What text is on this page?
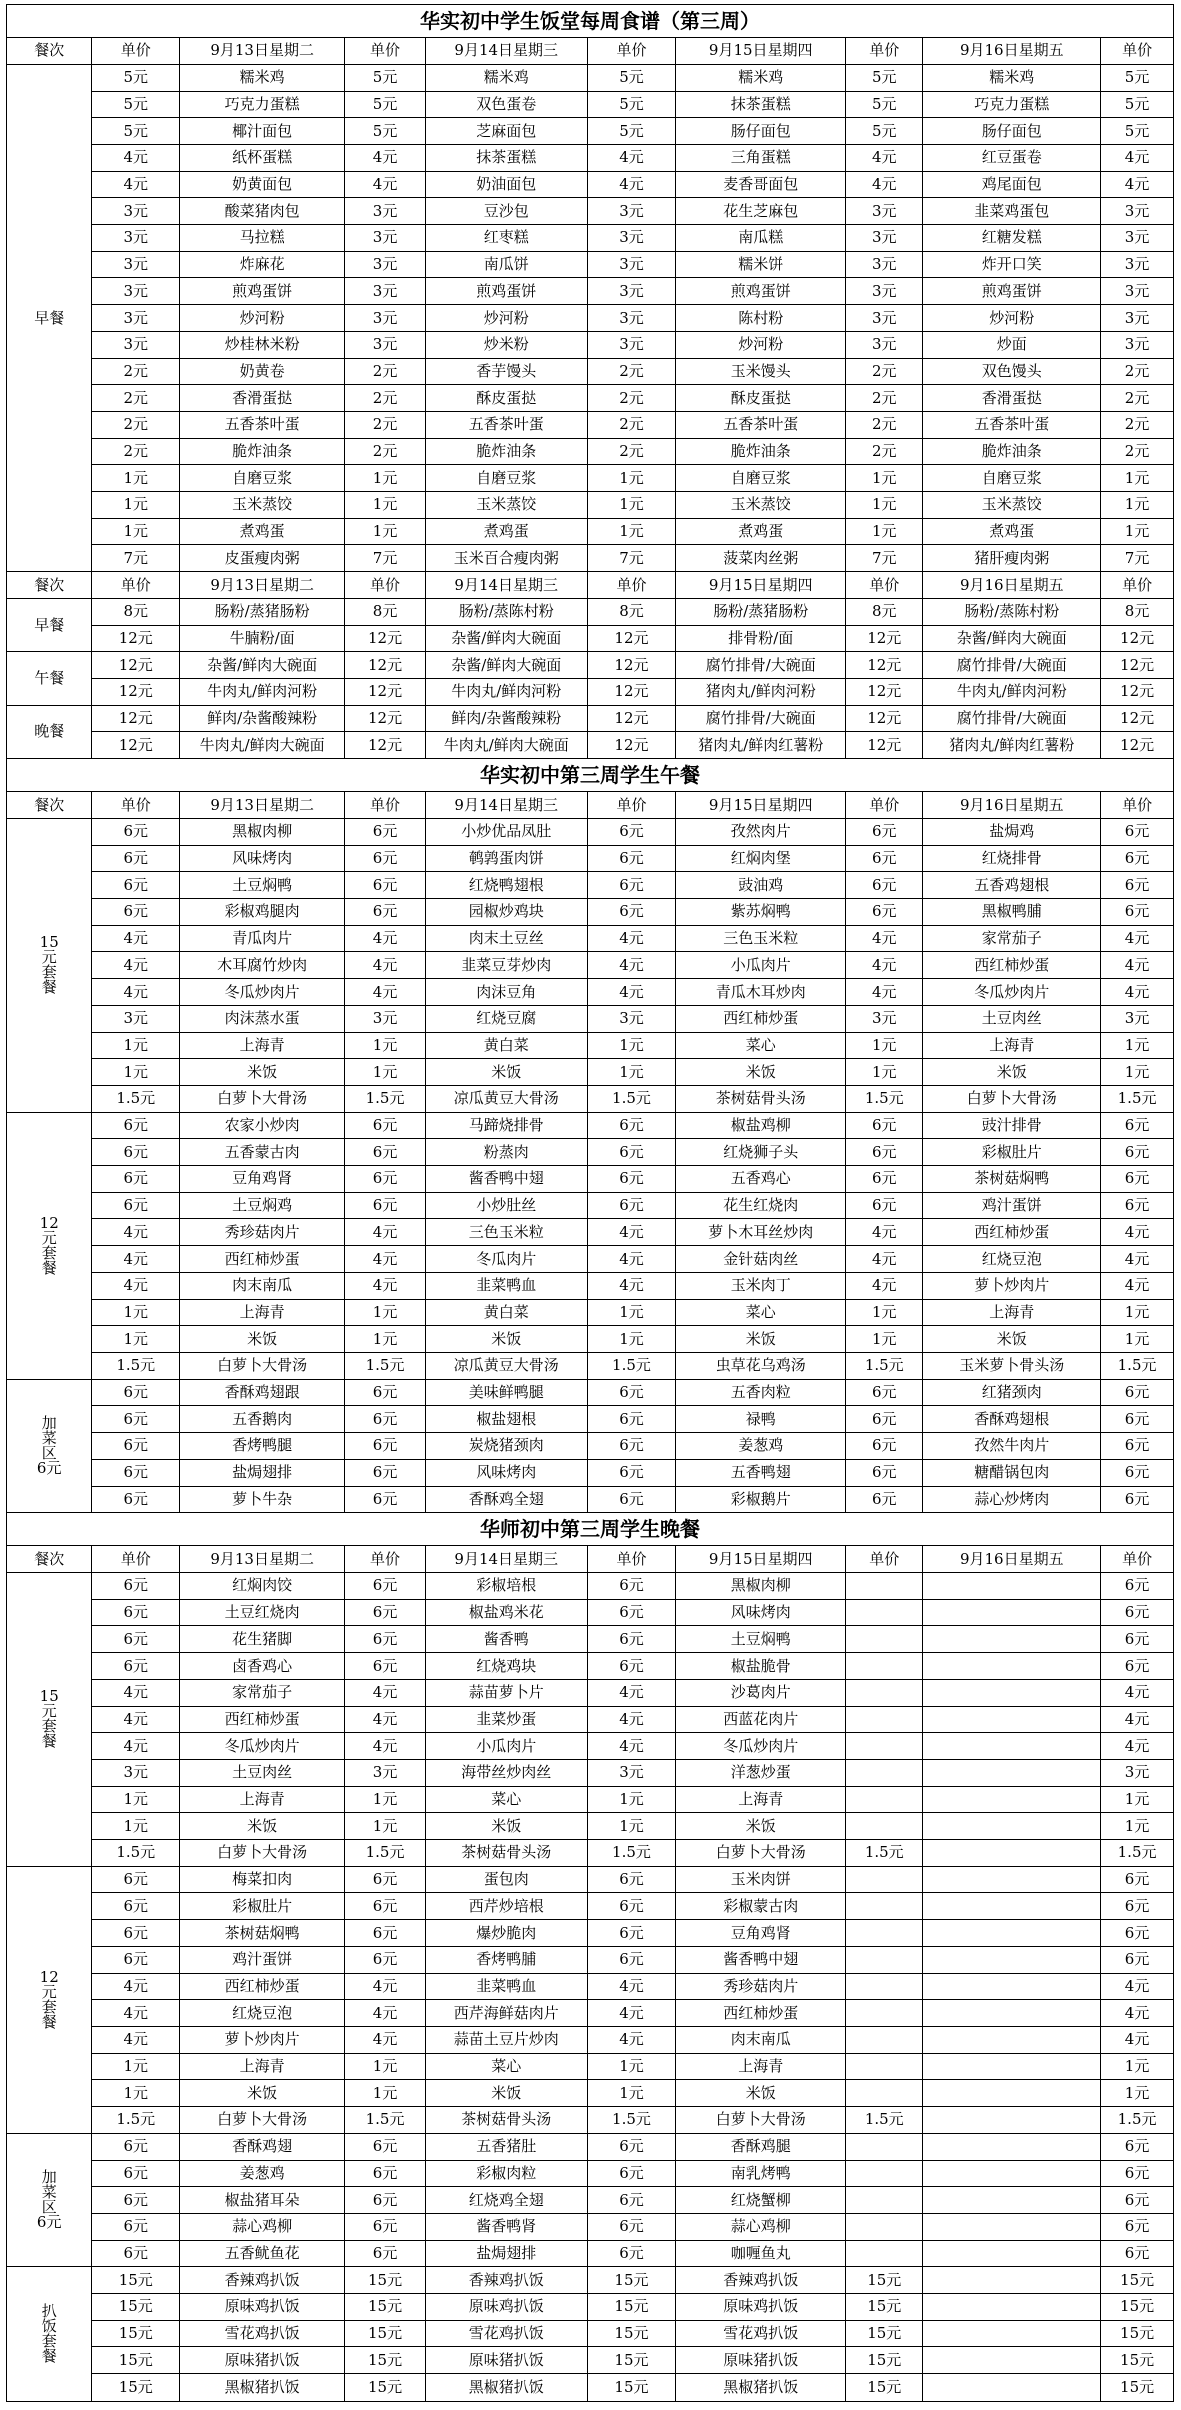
华实初中学生饭堂每周食谱（第三周）									
餐次	单价	9月13日星期二	单价	9月14日星期三	单价	9月15日星期四	单价	9月16日星期五	单价
早餐	5元	糯米鸡	5元	糯米鸡	5元	糯米鸡	5元	糯米鸡	5元
	5元	巧克力蛋糕	5元	双色蛋卷	5元	抹茶蛋糕	5元	巧克力蛋糕	5元
	5元	椰汁面包	5元	芝麻面包	5元	肠仔面包	5元	肠仔面包	5元
	4元	纸杯蛋糕	4元	抹茶蛋糕	4元	三角蛋糕	4元	红豆蛋卷	4元
	4元	奶黄面包	4元	奶油面包	4元	麦香哥面包	4元	鸡尾面包	4元
	3元	酸菜猪肉包	3元	豆沙包	3元	花生芝麻包	3元	韭菜鸡蛋包	3元
	3元	马拉糕	3元	红枣糕	3元	南瓜糕	3元	红糖发糕	3元
	3元	炸麻花	3元	南瓜饼	3元	糯米饼	3元	炸开口笑	3元
	3元	煎鸡蛋饼	3元	煎鸡蛋饼	3元	煎鸡蛋饼	3元	煎鸡蛋饼	3元
	3元	炒河粉	3元	炒河粉	3元	陈村粉	3元	炒河粉	3元
	3元	炒桂林米粉	3元	炒米粉	3元	炒河粉	3元	炒面	3元
	2元	奶黄卷	2元	香芋馒头	2元	玉米馒头	2元	双色馒头	2元
	2元	香滑蛋挞	2元	酥皮蛋挞	2元	酥皮蛋挞	2元	香滑蛋挞	2元
	2元	五香茶叶蛋	2元	五香茶叶蛋	2元	五香茶叶蛋	2元	五香茶叶蛋	2元
	2元	脆炸油条	2元	脆炸油条	2元	脆炸油条	2元	脆炸油条	2元
	1元	自磨豆浆	1元	自磨豆浆	1元	自磨豆浆	1元	自磨豆浆	1元
	1元	玉米蒸饺	1元	玉米蒸饺	1元	玉米蒸饺	1元	玉米蒸饺	1元
	1元	煮鸡蛋	1元	煮鸡蛋	1元	煮鸡蛋	1元	煮鸡蛋	1元
	7元	皮蛋瘦肉粥	7元	玉米百合瘦肉粥	7元	菠菜肉丝粥	7元	猪肝瘦肉粥	7元
餐次	单价	9月13日星期二	单价	9月14日星期三	单价	9月15日星期四	单价	9月16日星期五	单价
早餐	8元	肠粉/蒸猪肠粉	8元	肠粉/蒸陈村粉	8元	肠粉/蒸猪肠粉	8元	肠粉/蒸陈村粉	8元
	12元	牛腩粉/面	12元	杂酱/鲜肉大碗面	12元	排骨粉/面	12元	杂酱/鲜肉大碗面	12元
午餐	12元	杂酱/鲜肉大碗面	12元	杂酱/鲜肉大碗面	12元	腐竹排骨/大碗面	12元	腐竹排骨/大碗面	12元
	12元	牛肉丸/鲜肉河粉	12元	牛肉丸/鲜肉河粉	12元	猪肉丸/鲜肉河粉	12元	牛肉丸/鲜肉河粉	12元
晚餐	12元	鲜肉/杂酱酸辣粉	12元	鲜肉/杂酱酸辣粉	12元	腐竹排骨/大碗面	12元	腐竹排骨/大碗面	12元
	12元	牛肉丸/鲜肉大碗面	12元	牛肉丸/鲜肉大碗面	12元	猪肉丸/鲜肉红薯粉	12元	猪肉丸/鲜肉红薯粉	12元
华实初中第三周学生午餐									
餐次	单价	9月13日星期二	单价	9月14日星期三	单价	9月15日星期四	单价	9月16日星期五	单价

15
元
套
餐	6元	黑椒肉柳	6元	小炒优品凤肚	6元	孜然肉片	6元	盐焗鸡	6元
	6元	风味烤肉	6元	鹌鹑蛋肉饼	6元	红焖肉堡	6元	红烧排骨	6元
	6元	土豆焖鸭	6元	红烧鸭翅根	6元	豉油鸡	6元	五香鸡翅根	6元
	6元	彩椒鸡腿肉	6元	园椒炒鸡块	6元	紫苏焖鸭	6元	黑椒鸭脯	6元
	4元	青瓜肉片	4元	肉末土豆丝	4元	三色玉米粒	4元	家常茄子	4元
	4元	木耳腐竹炒肉	4元	韭菜豆芽炒肉	4元	小瓜肉片	4元	西红柿炒蛋	4元
	4元	冬瓜炒肉片	4元	肉沫豆角	4元	青瓜木耳炒肉	4元	冬瓜炒肉片	4元
	3元	肉沫蒸水蛋	3元	红烧豆腐	3元	西红柿炒蛋	3元	土豆肉丝	3元
	1元	上海青	1元	黄白菜	1元	菜心	1元	上海青	1元
	1元	米饭	1元	米饭	1元	米饭	1元	米饭	1元
	1.5元	白萝卜大骨汤	1.5元	凉瓜黄豆大骨汤	1.5元	茶树菇骨头汤	1.5元	白萝卜大骨汤	1.5元

12
元
套
餐	6元	农家小炒肉	6元	马蹄烧排骨	6元	椒盐鸡柳	6元	豉汁排骨	6元
	6元	五香蒙古肉	6元	粉蒸肉	6元	红烧狮子头	6元	彩椒肚片	6元
	6元	豆角鸡肾	6元	酱香鸭中翅	6元	五香鸡心	6元	茶树菇焖鸭	6元
	6元	土豆焖鸡	6元	小炒肚丝	6元	花生红烧肉	6元	鸡汁蛋饼	6元
	4元	秀珍菇肉片	4元	三色玉米粒	4元	萝卜木耳丝炒肉	4元	西红柿炒蛋	4元
	4元	西红柿炒蛋	4元	冬瓜肉片	4元	金针菇肉丝	4元	红烧豆泡	4元
	4元	肉末南瓜	4元	韭菜鸭血	4元	玉米肉丁	4元	萝卜炒肉片	4元
	1元	上海青	1元	黄白菜	1元	菜心	1元	上海青	1元
	1元	米饭	1元	米饭	1元	米饭	1元	米饭	1元
	1.5元	白萝卜大骨汤	1.5元	凉瓜黄豆大骨汤	1.5元	虫草花乌鸡汤	1.5元	玉米萝卜骨头汤	1.5元

加
菜
区
6元	6元	香酥鸡翅跟	6元	美味鲜鸭腿	6元	五香肉粒	6元	红猪颈肉	6元
	6元	五香鹅肉	6元	椒盐翅根	6元	禄鸭	6元	香酥鸡翅根	6元
	6元	香烤鸭腿	6元	炭烧猪颈肉	6元	姜葱鸡	6元	孜然牛肉片	6元
	6元	盐焗翅排	6元	风味烤肉	6元	五香鸭翅	6元	糖醋锅包肉	6元
	6元	萝卜牛杂	6元	香酥鸡全翅	6元	彩椒鹅片	6元	蒜心炒烤肉	6元
华师初中第三周学生晚餐									
餐次	单价	9月13日星期二	单价	9月14日星期三	单价	9月15日星期四	单价	9月16日星期五	单价

15
元
套
餐	6元	红焖肉饺	6元	彩椒培根	6元	黑椒肉柳			6元
	6元	土豆红烧肉	6元	椒盐鸡米花	6元	风味烤肉			6元
	6元	花生猪脚	6元	酱香鸭	6元	土豆焖鸭			6元
	6元	卤香鸡心	6元	红烧鸡块	6元	椒盐脆骨			6元
	4元	家常茄子	4元	蒜苗萝卜片	4元	沙葛肉片			4元
	4元	西红柿炒蛋	4元	韭菜炒蛋	4元	西蓝花肉片			4元
	4元	冬瓜炒肉片	4元	小瓜肉片	4元	冬瓜炒肉片			4元
	3元	土豆肉丝	3元	海带丝炒肉丝	3元	洋葱炒蛋			3元
	1元	上海青	1元	菜心	1元	上海青			1元
	1元	米饭	1元	米饭	1元	米饭			1元
	1.5元	白萝卜大骨汤	1.5元	茶树菇骨头汤	1.5元	白萝卜大骨汤	1.5元		1.5元

12
元
套
餐	6元	梅菜扣肉	6元	蛋包肉	6元	玉米肉饼			6元
	6元	彩椒肚片	6元	西芹炒培根	6元	彩椒蒙古肉			6元
	6元	茶树菇焖鸭	6元	爆炒脆肉	6元	豆角鸡肾			6元
	6元	鸡汁蛋饼	6元	香烤鸭脯	6元	酱香鸭中翅			6元
	4元	西红柿炒蛋	4元	韭菜鸭血	4元	秀珍菇肉片			4元
	4元	红烧豆泡	4元	西芹海鲜菇肉片	4元	西红柿炒蛋			4元
	4元	萝卜炒肉片	4元	蒜苗土豆片炒肉	4元	肉末南瓜			4元
	1元	上海青	1元	菜心	1元	上海青			1元
	1元	米饭	1元	米饭	1元	米饭			1元
	1.5元	白萝卜大骨汤	1.5元	茶树菇骨头汤	1.5元	白萝卜大骨汤	1.5元		1.5元

加
菜
区
6元	6元	香酥鸡翅	6元	五香猪肚	6元	香酥鸡腿			6元
	6元	姜葱鸡	6元	彩椒肉粒	6元	南乳烤鸭			6元
	6元	椒盐猪耳朵	6元	红烧鸡全翅	6元	红烧蟹柳			6元
	6元	蒜心鸡柳	6元	酱香鸭肾	6元	蒜心鸡柳			6元
	6元	五香鱿鱼花	6元	盐焗翅排	6元	咖喱鱼丸			6元

扒
饭
套
餐	15元	香辣鸡扒饭	15元	香辣鸡扒饭	15元	香辣鸡扒饭	15元		15元
	15元	原味鸡扒饭	15元	原味鸡扒饭	15元	原味鸡扒饭	15元		15元
	15元	雪花鸡扒饭	15元	雪花鸡扒饭	15元	雪花鸡扒饭	15元		15元
	15元	原味猪扒饭	15元	原味猪扒饭	15元	原味猪扒饭	15元		15元
	15元	黑椒猪扒饭	15元	黑椒猪扒饭	15元	黑椒猪扒饭	15元		15元
